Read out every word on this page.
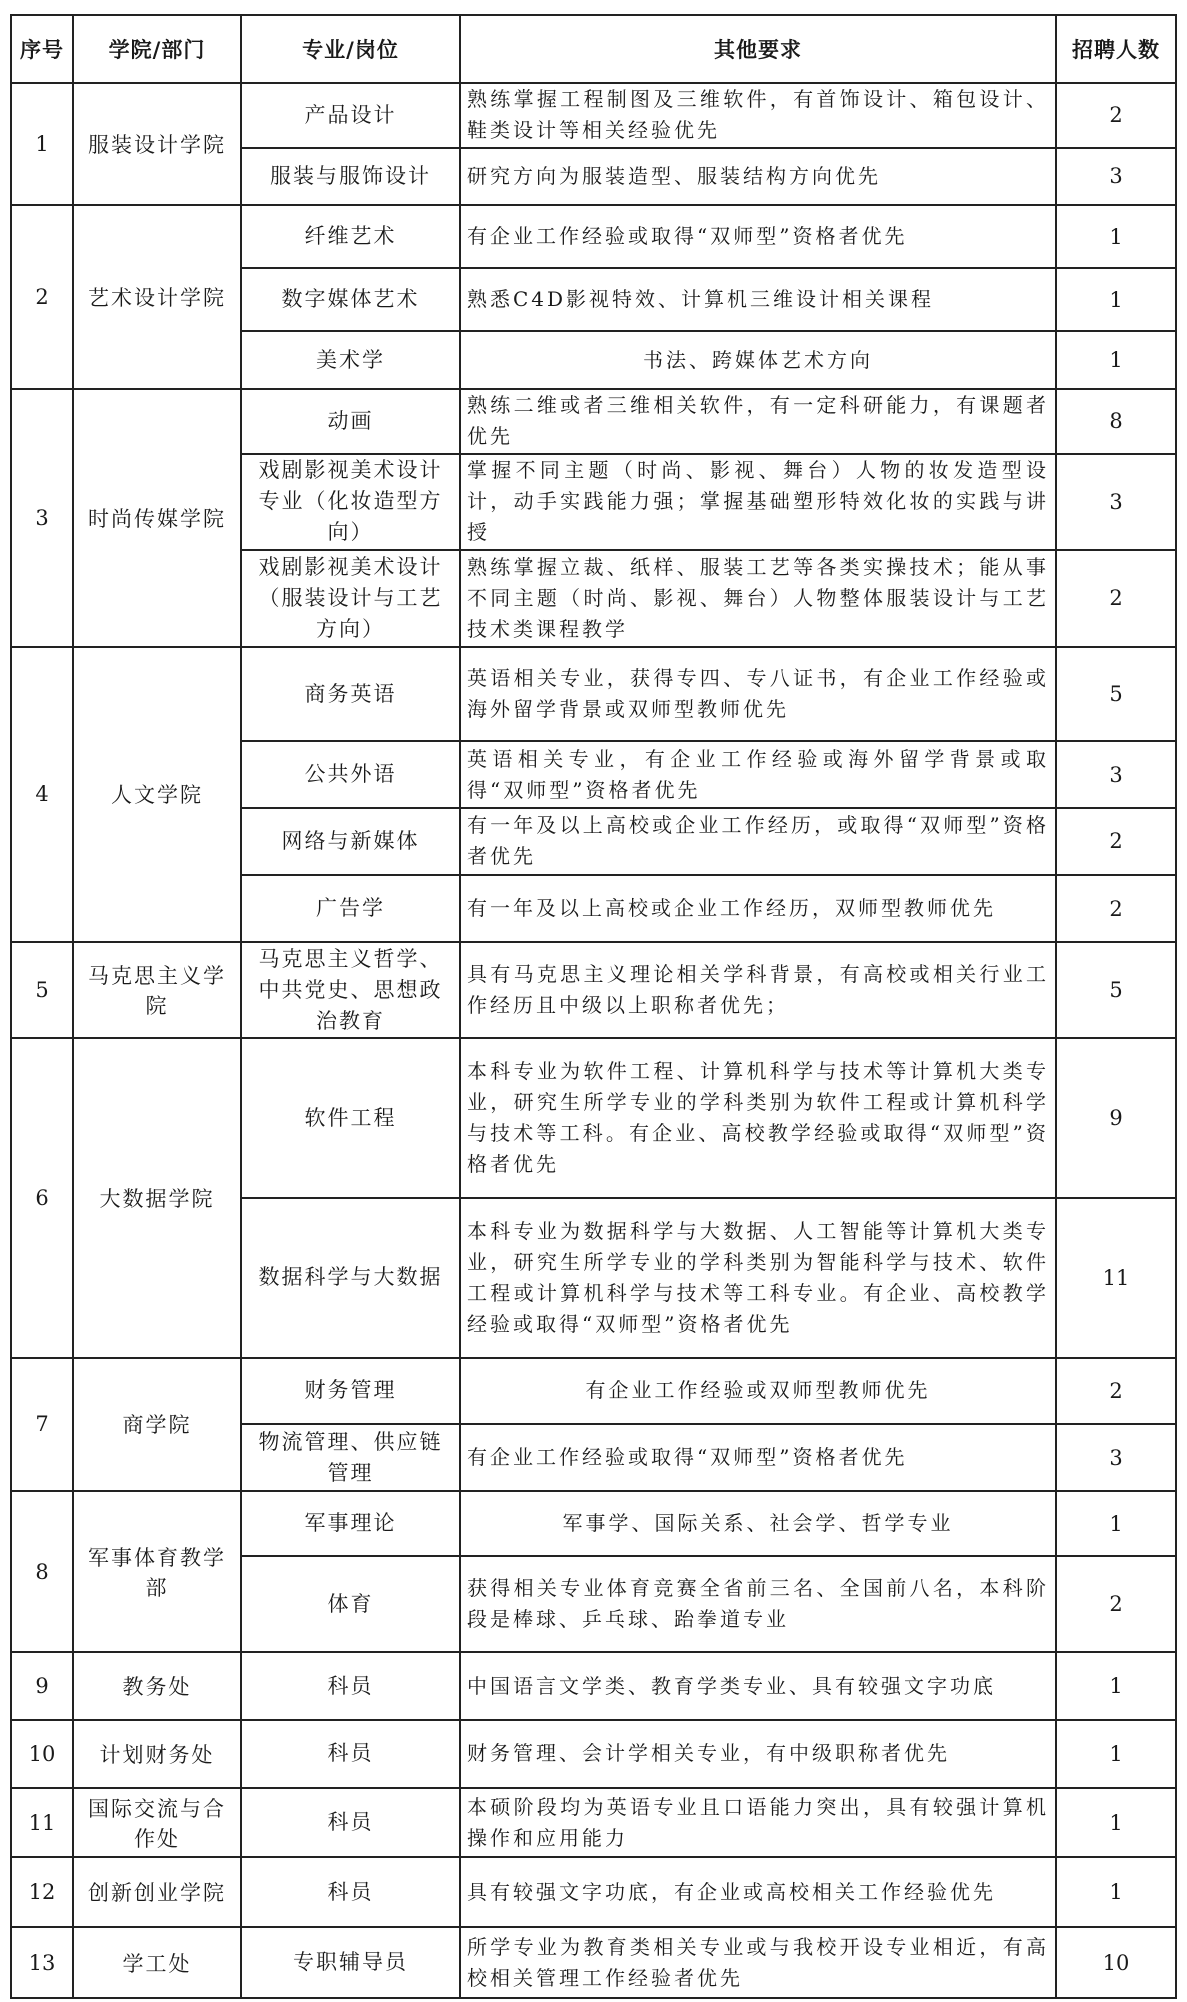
序号	学院/部门	专业/岗位	其他要求	招聘人数
1	服装设计学院	产品设计	熟练掌握工程制图及三维软件，有首饰设计、箱包设计、鞋类设计等相关经验优先	2
		服装与服饰设计	研究方向为服装造型、服装结构方向优先	3
2	艺术设计学院	纤维艺术	有企业工作经验或取得“双师型”资格者优先	1
		数字媒体艺术	熟悉C4D影视特效、计算机三维设计相关课程	1
		美术学	书法、跨媒体艺术方向	1
3	时尚传媒学院	动画	熟练二维或者三维相关软件，有一定科研能力，有课题者优先	8
		戏剧影视美术设计专业（化妆造型方向）	掌握不同主题（时尚、影视、舞台）人物的妆发造型设计，动手实践能力强；掌握基础塑形特效化妆的实践与讲授	3
		戏剧影视美术设计（服装设计与工艺方向）	熟练掌握立裁、纸样、服装工艺等各类实操技术；能从事不同主题（时尚、影视、舞台）人物整体服装设计与工艺技术类课程教学	2
4	人文学院	商务英语	英语相关专业，获得专四、专八证书，有企业工作经验或海外留学背景或双师型教师优先	5
		公共外语	英语相关专业，有企业工作经验或海外留学背景或取得“双师型”资格者优先	3
		网络与新媒体	有一年及以上高校或企业工作经历，或取得“双师型”资格者优先	2
		广告学	有一年及以上高校或企业工作经历，双师型教师优先	2
5	马克思主义学院	马克思主义哲学、中共党史、思想政治教育	具有马克思主义理论相关学科背景，有高校或相关行业工作经历且中级以上职称者优先；	5
6	大数据学院	软件工程	本科专业为软件工程、计算机科学与技术等计算机大类专业，研究生所学专业的学科类别为软件工程或计算机科学与技术等工科。有企业、高校教学经验或取得“双师型”资格者优先	9
		数据科学与大数据	本科专业为数据科学与大数据、人工智能等计算机大类专业，研究生所学专业的学科类别为智能科学与技术、软件工程或计算机科学与技术等工科专业。有企业、高校教学经验或取得“双师型”资格者优先	11
7	商学院	财务管理	有企业工作经验或双师型教师优先	2
		物流管理、供应链管理	有企业工作经验或取得“双师型”资格者优先	3
8	军事体育教学部	军事理论	军事学、国际关系、社会学、哲学专业	1
		体育	获得相关专业体育竞赛全省前三名、全国前八名，本科阶段是棒球、乒乓球、跆拳道专业	2
9	教务处	科员	中国语言文学类、教育学类专业、具有较强文字功底	1
10	计划财务处	科员	财务管理、会计学相关专业，有中级职称者优先	1
11	国际交流与合作处	科员	本硕阶段均为英语专业且口语能力突出，具有较强计算机操作和应用能力	1
12	创新创业学院	科员	具有较强文字功底，有企业或高校相关工作经验优先	1
13	学工处	专职辅导员	所学专业为教育类相关专业或与我校开设专业相近，有高校相关管理工作经验者优先	10
